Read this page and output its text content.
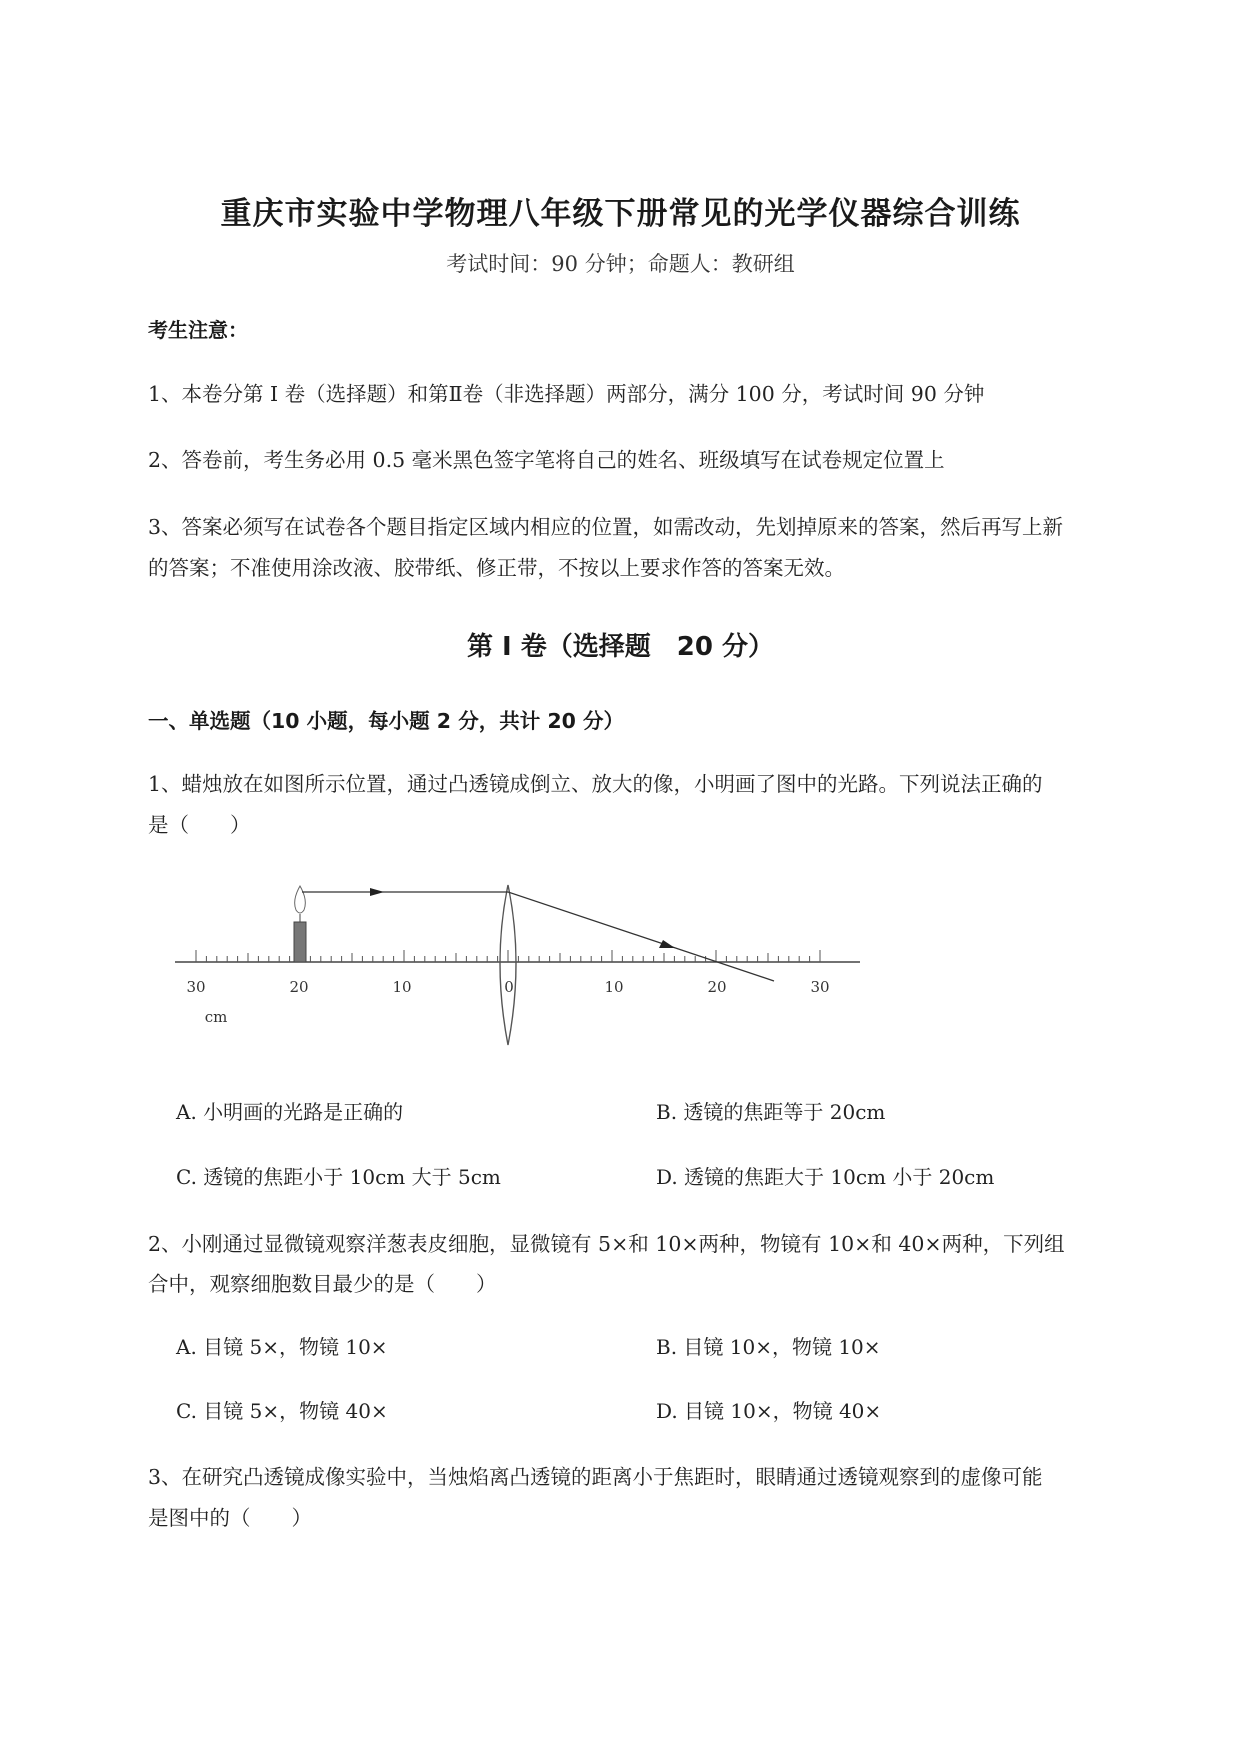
重庆市实验中学物理八年级下册常见的光学仪器综合训练
考试时间：90 分钟；命题人：教研组
考生注意：
1、本卷分第 I 卷（选择题）和第Ⅱ卷（非选择题）两部分，满分 100 分，考试时间 90 分钟
2、答卷前，考生务必用 0.5 毫米黑色签字笔将自己的姓名、班级填写在试卷规定位置上
3、答案必须写在试卷各个题目指定区域内相应的位置，如需改动，先划掉原来的答案，然后再写上新
的答案；不准使用涂改液、胶带纸、修正带，不按以上要求作答的答案无效。
第 I 卷（选择题　20 分）
一、单选题（10 小题，每小题 2 分，共计 20 分）
1、蜡烛放在如图所示位置，通过凸透镜成倒立、放大的像，小明画了图中的光路。下列说法正确的
是（　　）
30	20	10	0	10	20	30
cm
A. 小明画的光路是正确的	B. 透镜的焦距等于 20cm
C. 透镜的焦距小于 10cm 大于 5cm	D. 透镜的焦距大于 10cm 小于 20cm
2、小刚通过显微镜观察洋葱表皮细胞，显微镜有 5×和 10×两种，物镜有 10×和 40×两种，下列组
合中，观察细胞数目最少的是（　　）
A. 目镜 5×，物镜 10×	B. 目镜 10×，物镜 10×
C. 目镜 5×，物镜 40×	D. 目镜 10×，物镜 40×
3、在研究凸透镜成像实验中，当烛焰离凸透镜的距离小于焦距时，眼睛通过透镜观察到的虚像可能
是图中的（　　）
